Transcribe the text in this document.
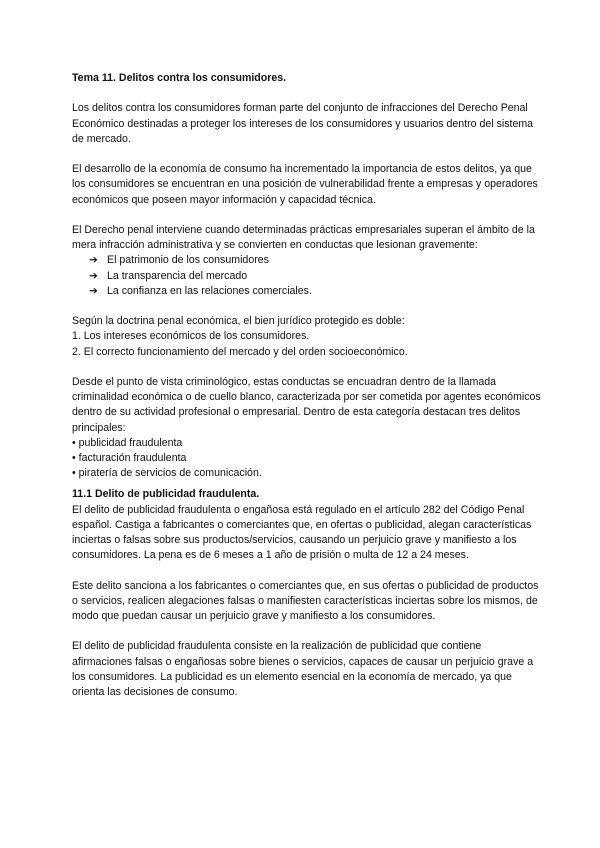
Tema 11. Delitos contra los consumidores.

Los delitos contra los consumidores forman parte del conjunto de infracciones del Derecho Penal Económico destinadas a proteger los intereses de los consumidores y usuarios dentro del sistema de mercado.

El desarrollo de la economía de consumo ha incrementado la importancia de estos delitos, ya que los consumidores se encuentran en una posición de vulnerabilidad frente a empresas y operadores económicos que poseen mayor información y capacidad técnica.

El Derecho penal interviene cuando determinadas prácticas empresariales superan el ámbito de la mera infracción administrativa y se convierten en conductas que lesionan gravemente:

➔ El patrimonio de los consumidores
➔ La transparencia del mercado
➔ La confianza en las relaciones comerciales.

Según la doctrina penal económica, el bien jurídico protegido es doble:

1. Los intereses económicos de los consumidores.
2. El correcto funcionamiento del mercado y del orden socioeconómico.

Desde el punto de vista criminológico, estas conductas se encuadran dentro de la llamada criminalidad económica o de cuello blanco, caracterizada por ser cometida por agentes económicos dentro de su actividad profesional o empresarial. Dentro de esta categoría destacan tres delitos principales:

• publicidad fraudulenta
• facturación fraudulenta
• piratería de servicios de comunicación.
11.1 Delito de publicidad fraudulenta.

El delito de publicidad fraudulenta o engañosa está regulado en el artículo 282 del Código Penal español. Castiga a fabricantes o comerciantes que, en ofertas o publicidad, alegan características inciertas o falsas sobre sus productos/servicios, causando un perjuicio grave y manifiesto a los consumidores. La pena es de 6 meses a 1 año de prisión o multa de 12 a 24 meses.

Este delito sanciona a los fabricantes o comerciantes que, en sus ofertas o publicidad de productos o servicios, realicen alegaciones falsas o manifiesten características inciertas sobre los mismos, de modo que puedan causar un perjuicio grave y manifiesto a los consumidores.

El delito de publicidad fraudulenta consiste en la realización de publicidad que contiene afirmaciones falsas o engañosas sobre bienes o servicios, capaces de causar un perjuicio grave a los consumidores. La publicidad es un elemento esencial en la economía de mercado, ya que orienta las decisiones de consumo.
